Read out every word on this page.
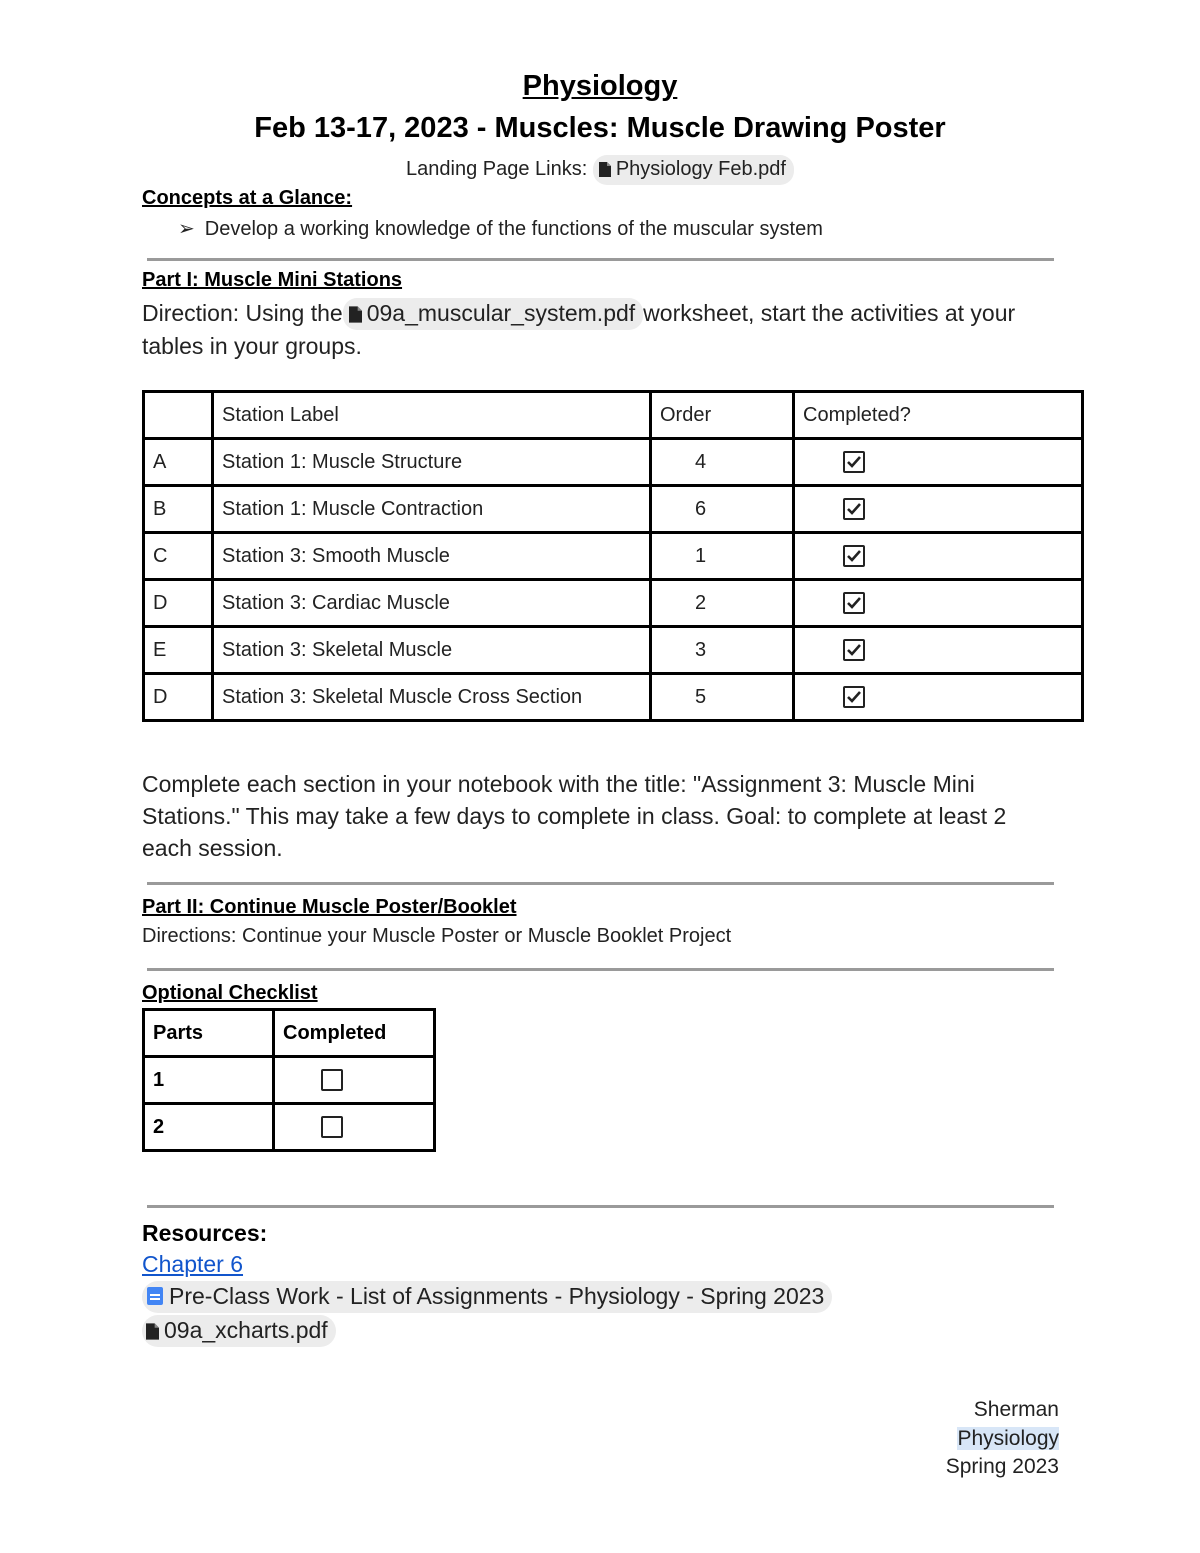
Physiology
Feb 13-17, 2023 - Muscles: Muscle Drawing Poster
Landing Page Links: Physiology Feb.pdf
Concepts at a Glance:
➢ Develop a working knowledge of the functions of the muscular system
Part I: Muscle Mini Stations
Direction: Using the 09a_muscular_system.pdf worksheet, start the activities at your tables in your groups.
	Station Label	Order	Completed?
A	Station 1: Muscle Structure	4	

B	Station 1: Muscle Contraction	6	

C	Station 3: Smooth Muscle	1	

D	Station 3: Cardiac Muscle	2	

E	Station 3: Skeletal Muscle	3	

D	Station 3: Skeletal Muscle Cross Section	5	
Complete each section in your notebook with the title: "Assignment 3: Muscle Mini Stations." This may take a few days to complete in class. Goal: to complete at least 2 each session.
Part II: Continue Muscle Poster/Booklet
Directions: Continue your Muscle Poster or Muscle Booklet Project
Optional Checklist
Parts	Completed
1	
2	
Resources:
Chapter 6
Pre-Class Work - List of Assignments - Physiology - Spring 2023
09a_xcharts.pdf
Sherman
Physiology
Spring 2023
